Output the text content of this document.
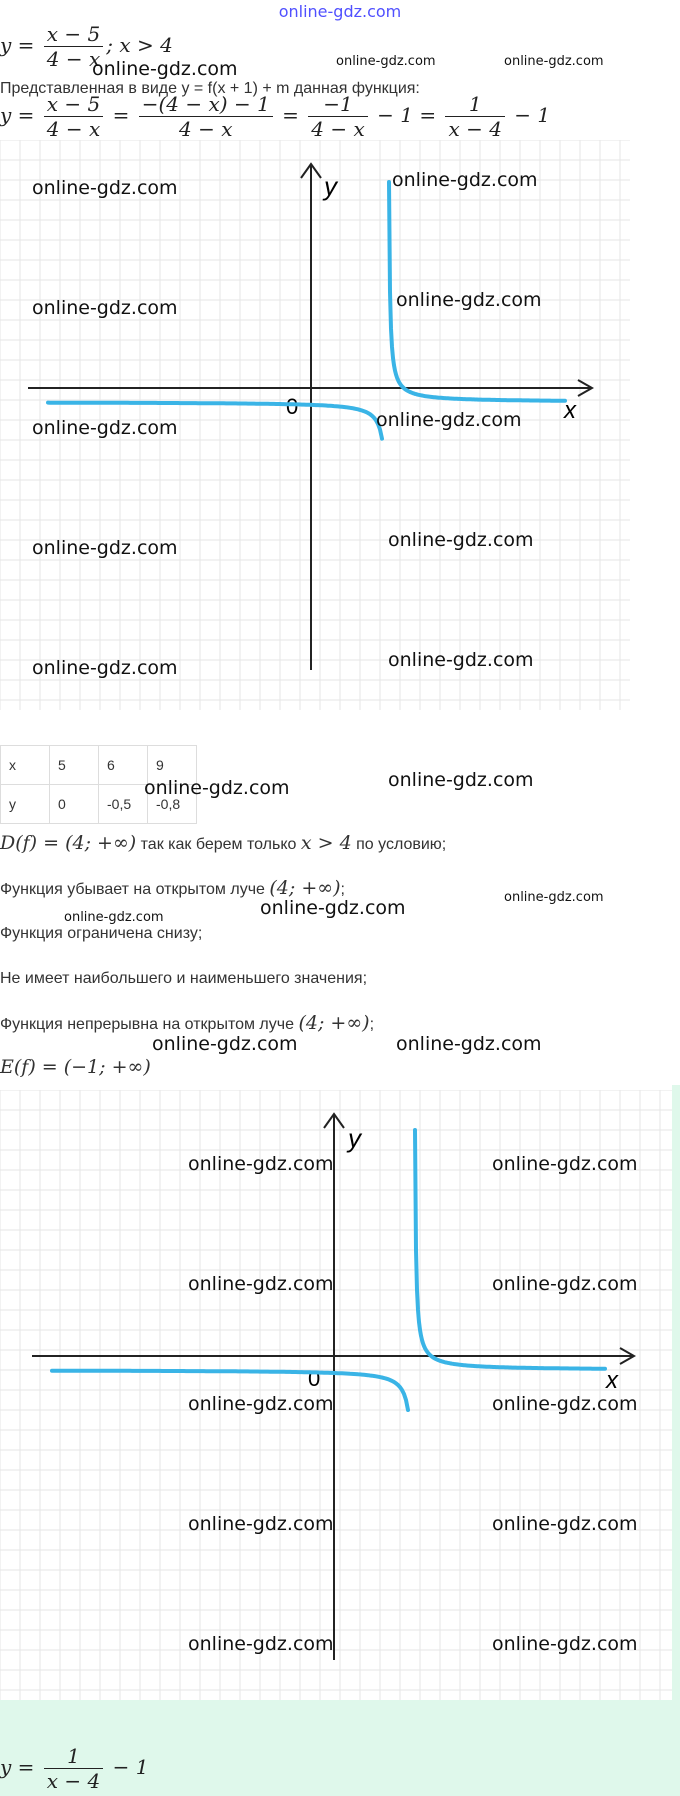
online-gdz.com
$y = \frac{x - 5}{4 - x}$ ; x > 4
Представленная в виде y = f(x + 1) + m данная функция:
$y = \frac{x - 5}{4 - x} = \frac{-(4 - x) - 1}{4 - x} = \frac{-1}{4 - x} - 1 = \frac{1}{x - 4} - 1$
x
y
0
x	5	6	9
y	0	-0,5	-0,8
D(f) = (4; +∞) так как берем только x > 4 по условию;
Функция убывает на открытом луче (4; +∞);
Функция ограничена снизу;
Не имеет наибольшего и наименьшего значения;
Функция непрерывна на открытом луче (4; +∞);
E(f) = (−1; +∞)
x
y
0
$y = \frac{1}{x - 4} - 1$
online-gdz.com	online-gdz.com	online-gdz.com
online-gdz.com	online-gdz.com
online-gdz.com	online-gdz.com
online-gdz.com	online-gdz.com
online-gdz.com	online-gdz.com
online-gdz.com	online-gdz.com
online-gdz.com	online-gdz.com
online-gdz.com	online-gdz.com
online-gdz.com
online-gdz.com	online-gdz.com
online-gdz.com	online-gdz.com
online-gdz.com	online-gdz.com
online-gdz.com	online-gdz.com
online-gdz.com	online-gdz.com
online-gdz.com	online-gdz.com
